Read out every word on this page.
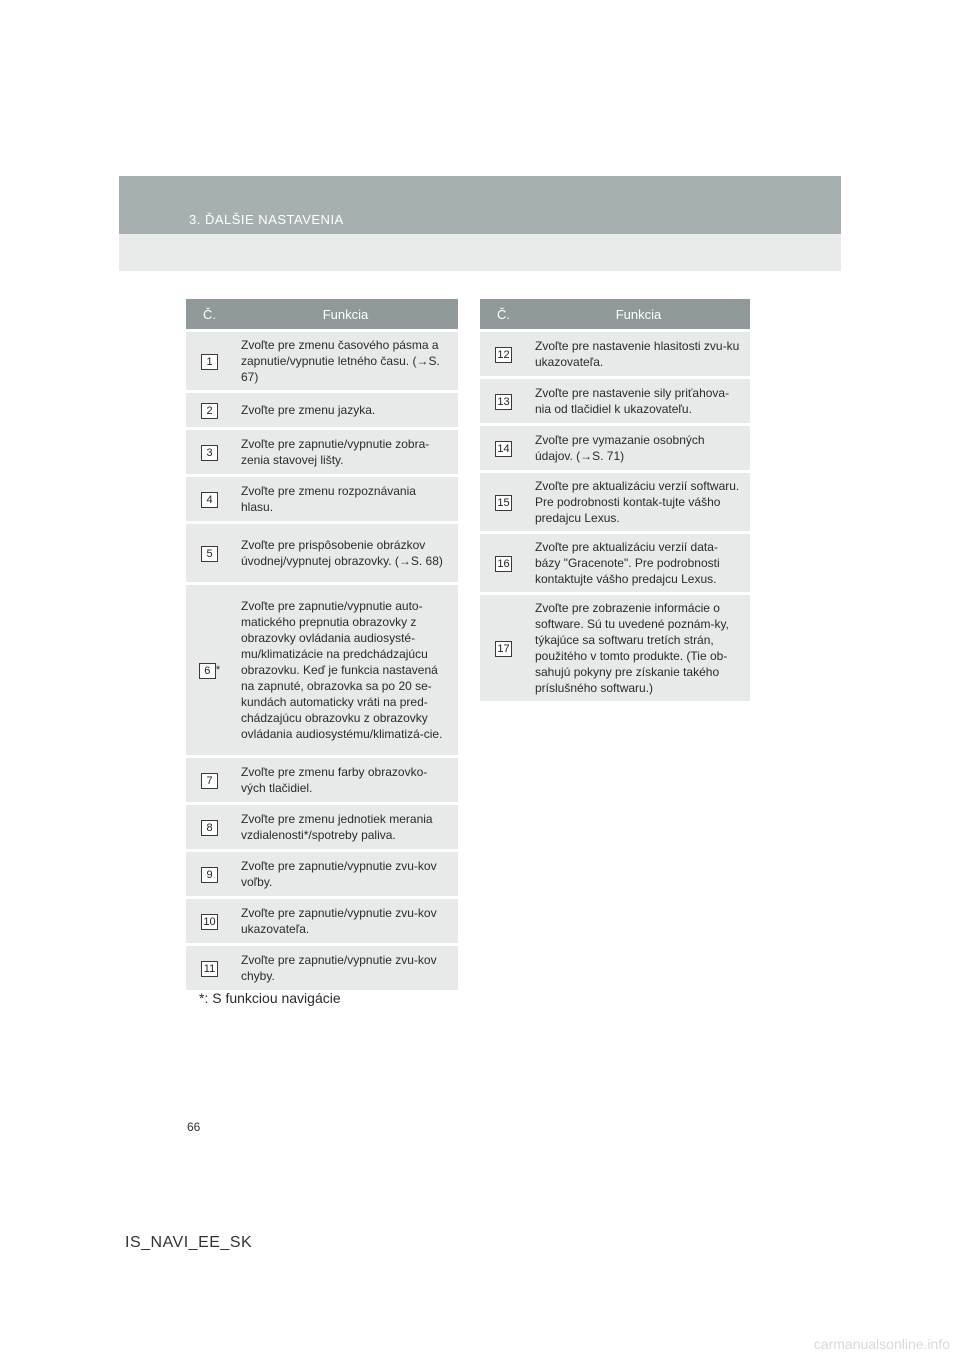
3. ĎALŠIE NASTAVENIA
Č.	Funkcia
1	Zvoľte pre zmenu časového pásma a zapnutie/vypnutie letného času. (→S. 67)
2	Zvoľte pre zmenu jazyka.
3	Zvoľte pre zapnutie/vypnutie zobra-zenia stavovej lišty.
4	Zvoľte pre zmenu rozpoznávania hlasu.
5	Zvoľte pre prispôsobenie obrázkov úvodnej/vypnutej obrazovky. (→S. 68)
6 *	Zvoľte pre zapnutie/vypnutie auto-matického prepnutia obrazovky z obrazovky ovládania audiosysté-mu/klimatizácie na predchádzajúcu obrazovku. Keď je funkcia nastavená na zapnuté, obrazovka sa po 20 se-kundách automaticky vráti na pred-chádzajúcu obrazovku z obrazovky ovládania audiosystému/klimatizá-cie.
7	Zvoľte pre zmenu farby obrazovko-vých tlačidiel.
8	Zvoľte pre zmenu jednotiek merania vzdialenosti*/spotreby paliva.
9	Zvoľte pre zapnutie/vypnutie zvu-kov voľby.
10	Zvoľte pre zapnutie/vypnutie zvu-kov ukazovateľa.
11	Zvoľte pre zapnutie/vypnutie zvu-kov chyby.
Č.	Funkcia
12	Zvoľte pre nastavenie hlasitosti zvu-ku ukazovateľa.
13	Zvoľte pre nastavenie sily priťahova-nia od tlačidiel k ukazovateľu.
14	Zvoľte pre vymazanie osobných údajov. (→S. 71)
15	Zvoľte pre aktualizáciu verzií softwaru. Pre podrobnosti kontak-tujte vášho predajcu Lexus.
16	Zvoľte pre aktualizáciu verzií data-bázy "Gracenote". Pre podrobnosti kontaktujte vášho predajcu Lexus.
17	Zvoľte pre zobrazenie informácie o software. Sú tu uvedené poznám-ky, týkajúce sa softwaru tretích strán, použitého v tomto produkte. (Tie ob-sahujú pokyny pre získanie takého príslušného softwaru.)
*: S funkciou navigácie
66
IS_NAVI_EE_SK
carmanualsonline.info
